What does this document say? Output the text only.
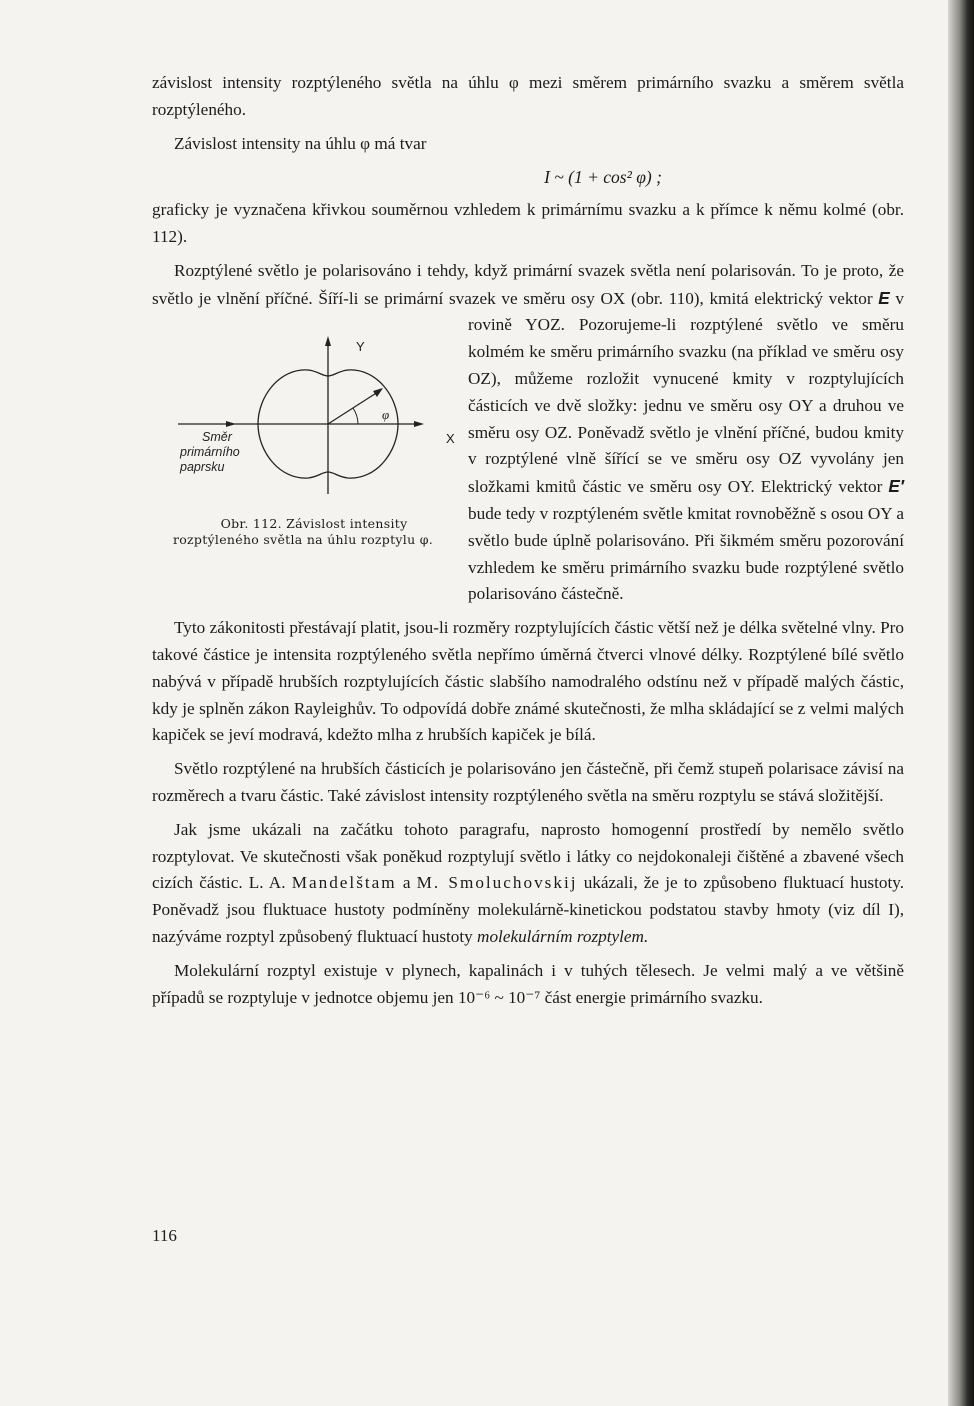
závislost intensity rozptýleného světla na úhlu φ mezi směrem primárního svazku a směrem světla rozptýleného.

Závislost intensity na úhlu φ má tvar

I ~ (1 + cos² φ) ;

graficky je vyznačena křivkou souměrnou vzhledem k primárnímu svazku a k přímce k němu kolmé (obr. 112).

Rozptýlené světlo je polarisováno i tehdy, když primární svazek světla není polarisován. To je proto, že světlo je vlnění příčné. Šíří-li se primární svazek ve směru osy OX (obr. 110), kmitá elektrický vektor
Y
X
φ
Směr primárního paprsku
Obr. 112. Závislost intensity rozptýleného světla na úhlu rozptylu φ.
E v rovině YOZ. Pozorujeme-li rozptýlené světlo ve směru kolmém ke směru primárního svazku (na příklad ve směru osy OZ), můžeme rozložit vynucené kmity v rozptylujících částicích ve dvě složky: jednu ve směru osy OY a druhou ve směru osy OZ. Poněvadž světlo je vlnění příčné, budou kmity v rozptýlené vlně šířící se ve směru osy OZ vyvolány jen složkami kmitů částic ve směru osy OY. Elektrický vektor E′ bude tedy v rozptýleném světle kmitat rovnoběžně s osou OY a světlo bude úplně polarisováno. Při šikmém směru pozorování vzhledem ke směru primárního svazku bude rozptýlené světlo polarisováno částečně.

Tyto zákonitosti přestávají platit, jsou-li rozměry rozptylujících částic větší než je délka světelné vlny. Pro takové částice je intensita rozptýleného světla nepřímo úměrná čtverci vlnové délky. Rozptýlené bílé světlo nabývá v případě hrubších rozptylujících částic slabšího namodralého odstínu než v případě malých částic, kdy je splněn zákon Rayleighův. To odpovídá dobře známé skutečnosti, že mlha skládající se z velmi malých kapiček se jeví modravá, kdežto mlha z hrubších kapiček je bílá.

Světlo rozptýlené na hrubších částicích je polarisováno jen částečně, při čemž stupeň polarisace závisí na rozměrech a tvaru částic. Také závislost intensity rozptýleného světla na směru rozptylu se stává složitější.

Jak jsme ukázali na začátku tohoto paragrafu, naprosto homogenní prostředí by nemělo světlo rozptylovat. Ve skutečnosti však poněkud rozptylují světlo i látky co nejdokonaleji čištěné a zbavené všech cizích částic. L. A. Mandelštam a M. Smoluchovskij ukázali, že je to způsobeno fluktuací hustoty. Poněvadž jsou fluktuace hustoty podmíněny molekulárně-kinetickou podstatou stavby hmoty (viz díl I), nazýváme rozptyl způsobený fluktuací hustoty molekulárním rozptylem.

Molekulární rozptyl existuje v plynech, kapalinách i v tuhých tělesech. Je velmi malý a ve většině případů se rozptyluje v jednotce objemu jen 10⁻⁶ ~ 10⁻⁷ část energie primárního svazku.

116
